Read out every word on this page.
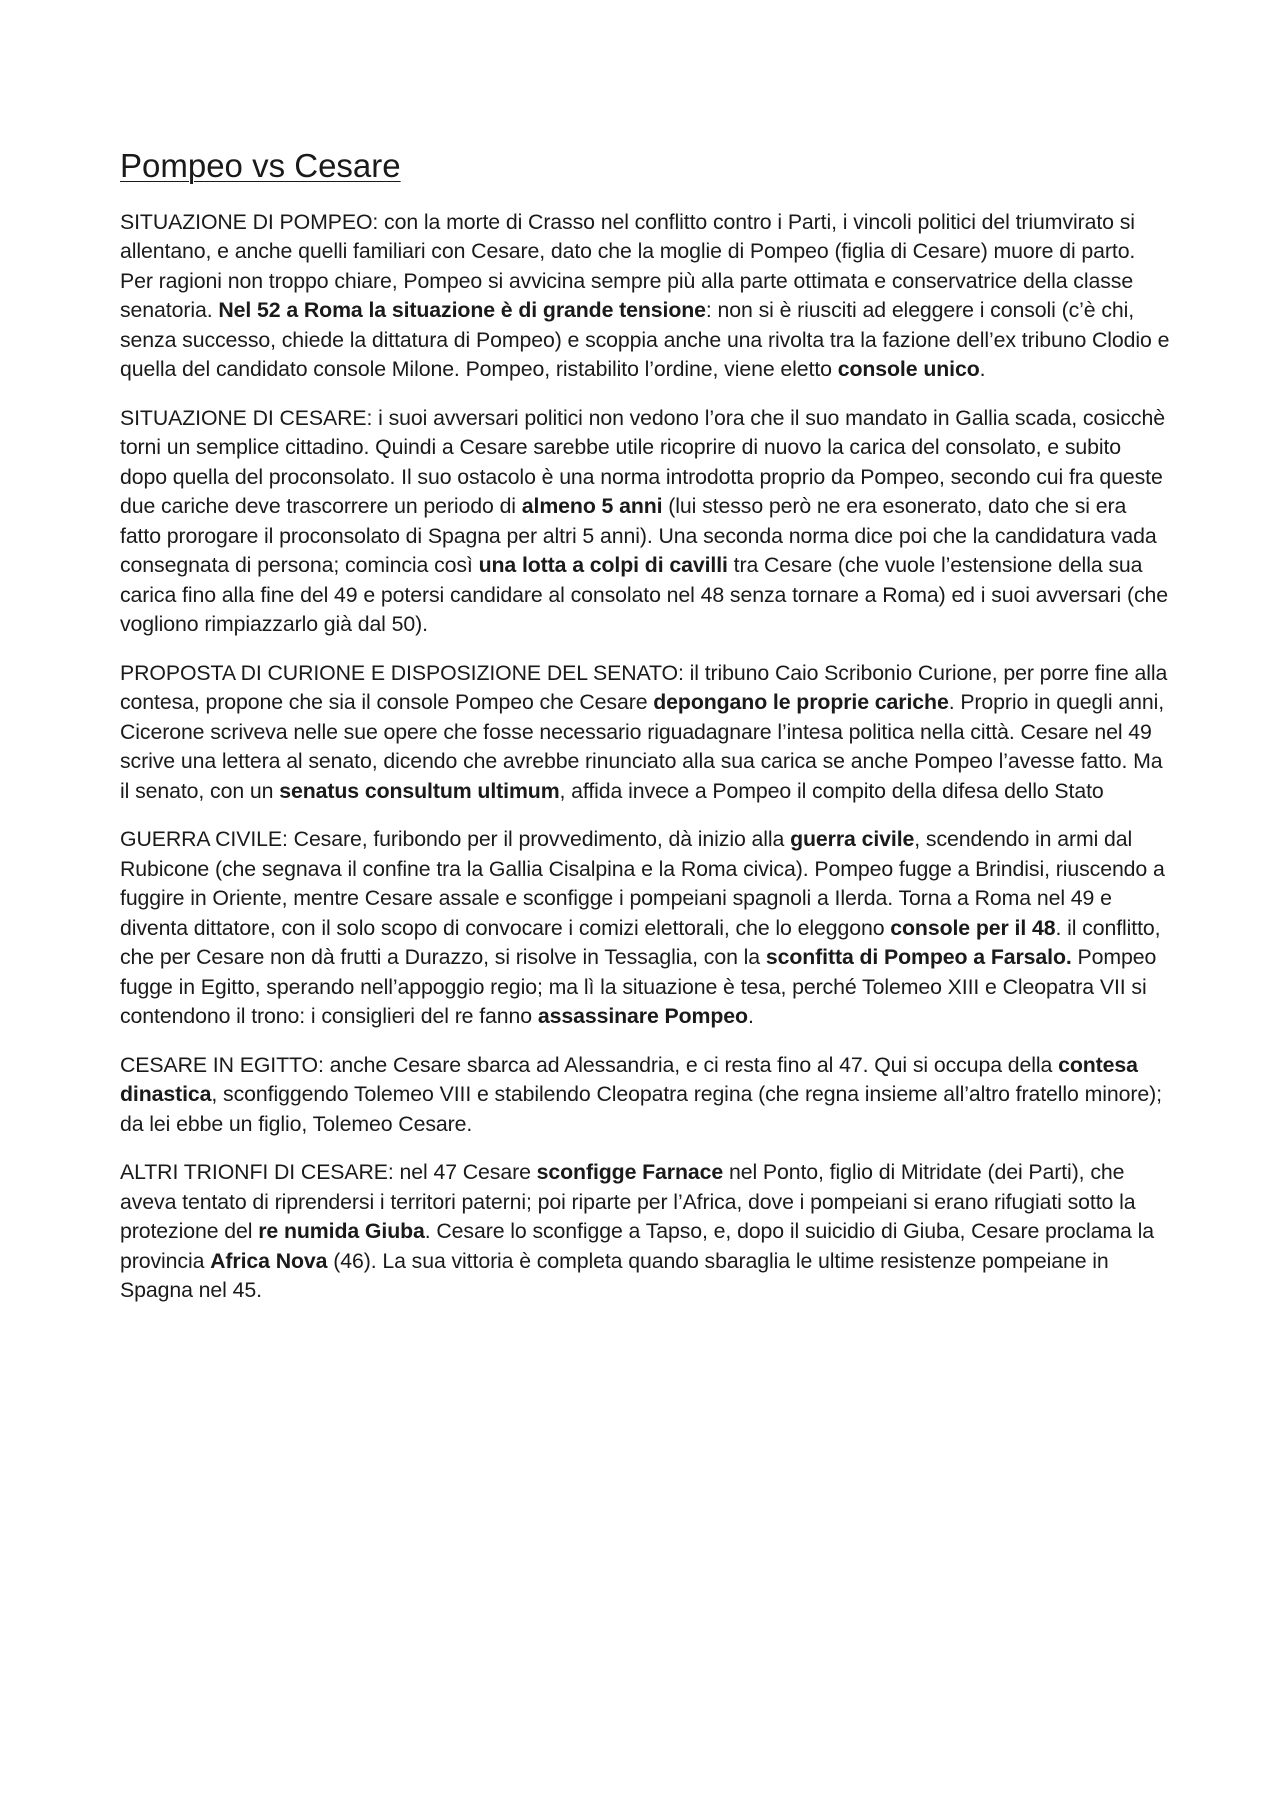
Pompeo vs Cesare

SITUAZIONE DI POMPEO: con la morte di Crasso nel conflitto contro i Parti, i vincoli politici del triumvirato si allentano, e anche quelli familiari con Cesare, dato che la moglie di Pompeo (figlia di Cesare) muore di parto. Per ragioni non troppo chiare, Pompeo si avvicina sempre più alla parte ottimata e conservatrice della classe senatoria. Nel 52 a Roma la situazione è di grande tensione: non si è riusciti ad eleggere i consoli (c’è chi, senza successo, chiede la dittatura di Pompeo) e scoppia anche una rivolta tra la fazione dell’ex tribuno Clodio e quella del candidato console Milone. Pompeo, ristabilito l’ordine, viene eletto console unico.

SITUAZIONE DI CESARE: i suoi avversari politici non vedono l’ora che il suo mandato in Gallia scada, cosicchè torni un semplice cittadino. Quindi a Cesare sarebbe utile ricoprire di nuovo la carica del consolato, e subito dopo quella del proconsolato. Il suo ostacolo è una norma introdotta proprio da Pompeo, secondo cui fra queste due cariche deve trascorrere un periodo di almeno 5 anni (lui stesso però ne era esonerato, dato che si era fatto prorogare il proconsolato di Spagna per altri 5 anni). Una seconda norma dice poi che la candidatura vada consegnata di persona; comincia così una lotta a colpi di cavilli tra Cesare (che vuole l’estensione della sua carica fino alla fine del 49 e potersi candidare al consolato nel 48 senza tornare a Roma) ed i suoi avversari (che vogliono rimpiazzarlo già dal 50).

PROPOSTA DI CURIONE E DISPOSIZIONE DEL SENATO: il tribuno Caio Scribonio Curione, per porre fine alla contesa, propone che sia il console Pompeo che Cesare depongano le proprie cariche. Proprio in quegli anni, Cicerone scriveva nelle sue opere che fosse necessario riguadagnare l’intesa politica nella città. Cesare nel 49 scrive una lettera al senato, dicendo che avrebbe rinunciato alla sua carica se anche Pompeo l’avesse fatto. Ma il senato, con un senatus consultum ultimum, affida invece a Pompeo il compito della difesa dello Stato

GUERRA CIVILE: Cesare, furibondo per il provvedimento, dà inizio alla guerra civile, scendendo in armi dal Rubicone (che segnava il confine tra la Gallia Cisalpina e la Roma civica). Pompeo fugge a Brindisi, riuscendo a fuggire in Oriente, mentre Cesare assale e sconfigge i pompeiani spagnoli a Ilerda. Torna a Roma nel 49 e diventa dittatore, con il solo scopo di convocare i comizi elettorali, che lo eleggono console per il 48. il conflitto, che per Cesare non dà frutti a Durazzo, si risolve in Tessaglia, con la sconfitta di Pompeo a Farsalo. Pompeo fugge in Egitto, sperando nell’appoggio regio; ma lì la situazione è tesa, perché Tolemeo XIII e Cleopatra VII si contendono il trono: i consiglieri del re fanno assassinare Pompeo.

CESARE IN EGITTO: anche Cesare sbarca ad Alessandria, e ci resta fino al 47. Qui si occupa della contesa dinastica, sconfiggendo Tolemeo VIII e stabilendo Cleopatra regina (che regna insieme all’altro fratello minore); da lei ebbe un figlio, Tolemeo Cesare.

ALTRI TRIONFI DI CESARE: nel 47 Cesare sconfigge Farnace nel Ponto, figlio di Mitridate (dei Parti), che aveva tentato di riprendersi i territori paterni; poi riparte per l’Africa, dove i pompeiani si erano rifugiati sotto la protezione del re numida Giuba. Cesare lo sconfigge a Tapso, e, dopo il suicidio di Giuba, Cesare proclama la provincia Africa Nova (46). La sua vittoria è completa quando sbaraglia le ultime resistenze pompeiane in Spagna nel 45.
